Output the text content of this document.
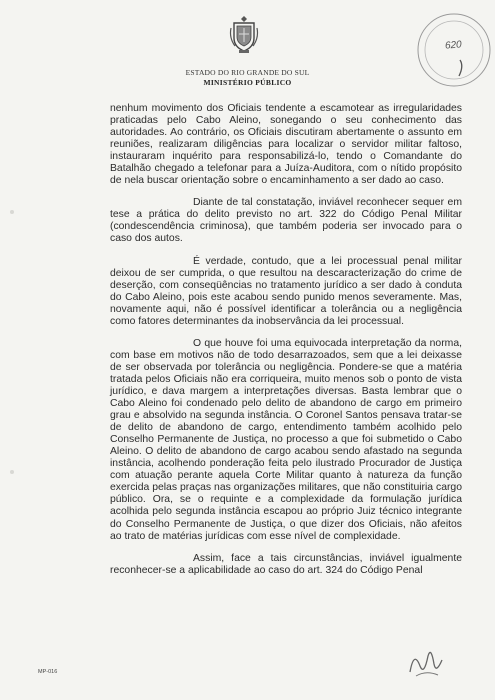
ESTADO DO RIO GRANDE DO SUL
MINISTÉRIO PÚBLICO
620

nenhum movimento dos Oficiais tendente a escamotear as irregularidades praticadas pelo Cabo Aleino, sonegando o seu conhecimento das autoridades. Ao contrário, os Oficiais discutiram abertamente o assunto em reuniões, realizaram diligências para localizar o servidor militar faltoso, instauraram inquérito para responsabilizá-lo, tendo o Comandante do Batalhão chegado a telefonar para a Juíza-Auditora, com o nítido propósito de nela buscar orientação sobre o encaminhamento a ser dado ao caso.

Diante de tal constatação, inviável reconhecer sequer em tese a prática do delito previsto no art. 322 do Código Penal Militar (condescendência criminosa), que também poderia ser invocado para o caso dos autos.

É verdade, contudo, que a lei processual penal militar deixou de ser cumprida, o que resultou na descaracterização do crime de deserção, com conseqüências no tratamento jurídico a ser dado à conduta do Cabo Aleino, pois este acabou sendo punido menos severamente. Mas, novamente aqui, não é possível identificar a tolerância ou a negligência como fatores determinantes da inobservância da lei processual.

O que houve foi uma equivocada interpretação da norma, com base em motivos não de todo desarrazoados, sem que a lei deixasse de ser observada por tolerância ou negligência. Pondere-se que a matéria tratada pelos Oficiais não era corriqueira, muito menos sob o ponto de vista jurídico, e dava margem a interpretações diversas. Basta lembrar que o Cabo Aleino foi condenado pelo delito de abandono de cargo em primeiro grau e absolvido na segunda instância. O Coronel Santos pensava tratar-se de delito de abandono de cargo, entendimento também acolhido pelo Conselho Permanente de Justiça, no processo a que foi submetido o Cabo Aleino. O delito de abandono de cargo acabou sendo afastado na segunda instância, acolhendo ponderação feita pelo ilustrado Procurador de Justiça com atuação perante aquela Corte Militar quanto à natureza da função exercida pelas praças nas organizações militares, que não constituiria cargo público. Ora, se o requinte e a complexidade da formulação jurídica acolhida pelo segunda instância escapou ao próprio Juiz técnico integrante do Conselho Permanente de Justiça, o que dizer dos Oficiais, não afeitos ao trato de matérias jurídicas com esse nível de complexidade.

Assim, face a tais circunstâncias, inviável igualmente reconhecer-se a aplicabilidade ao caso do art. 324 do Código Penal

MP-016
